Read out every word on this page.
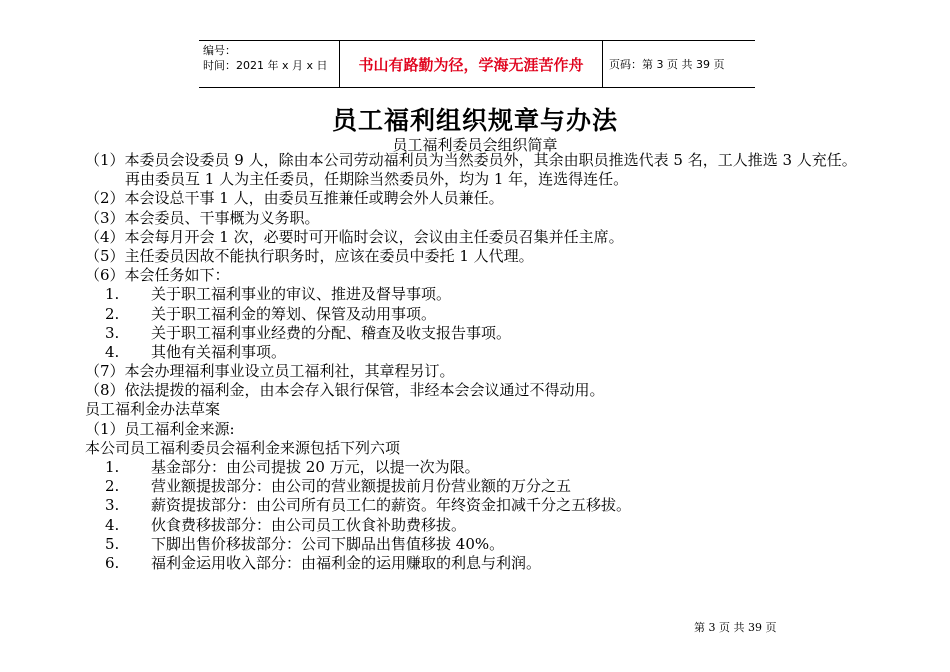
编号：
时间：2021 年 x 月 x 日	书山有路勤为径，学海无涯苦作舟	页码：第 3 页 共 39 页
员工福利组织规章与办法
员工福利委员会组织简章
（1）本委员会设委员 9 人，除由本公司劳动福利员为当然委员外，其余由职员推选代表 5 名，工人推选 3 人充任。
再由委员互 1 人为主任委员，任期除当然委员外，均为 1 年，连选得连任。
（2）本会设总干事 1 人，由委员互推兼任或聘会外人员兼任。
（3）本会委员、干事概为义务职。
（4）本会每月开会 1 次，必要时可开临时会议，会议由主任委员召集并任主席。
（5）主任委员因故不能执行职务时，应该在委员中委托 1 人代理。
（6）本会任务如下：
1. 关于职工福利事业的审议、推进及督导事项。
2. 关于职工福利金的筹划、保管及动用事项。
3. 关于职工福利事业经费的分配、稽查及收支报告事项。
4. 其他有关福利事项。
（7）本会办理福利事业设立员工福利社，其章程另订。
（8）依法提拨的福利金，由本会存入银行保管，非经本会会议通过不得动用。
员工福利金办法草案
（1）员工福利金来源:
本公司员工福利委员会福利金来源包括下列六项
1. 基金部分：由公司提拔 20 万元，以提一次为限。
2. 营业额提拔部分：由公司的营业额提拔前月份营业额的万分之五
3. 薪资提拔部分：由公司所有员工仁的薪资。年终资金扣减千分之五移拔。
4. 伙食费移拔部分：由公司员工伙食补助费移拔。
5. 下脚出售价移拔部分：公司下脚品出售值移拔 40%。
6. 福利金运用收入部分：由福利金的运用赚取的利息与利润。
第 3 页 共 39 页
